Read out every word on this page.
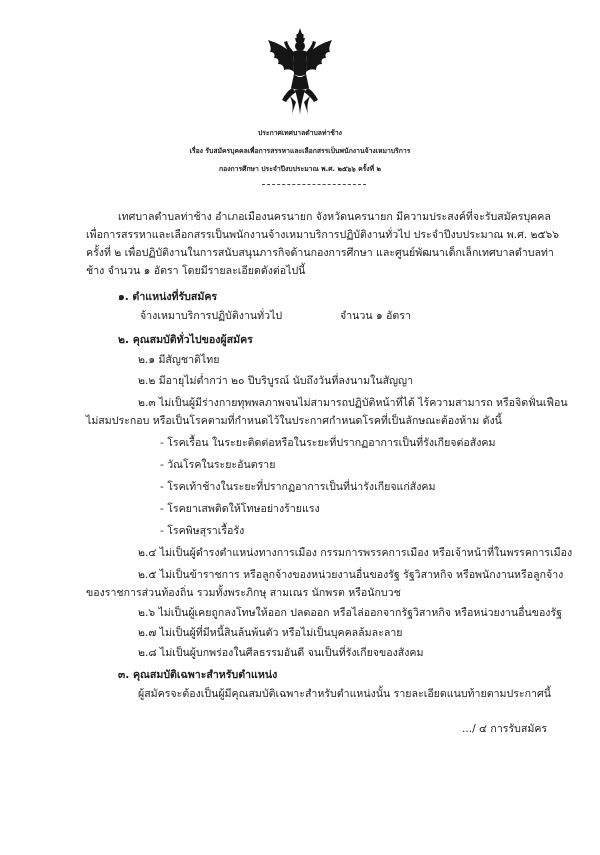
ประกาศเทศบาลตำบลท่าช้าง
เรื่อง รับสมัครบุคคลเพื่อการสรรหาและเลือกสรรเป็นพนักงานจ้างเหมาบริการ
กองการศึกษา ประจำปีงบประมาณ พ.ศ. ๒๕๖๖ ครั้งที่ ๒
เทศบาลตำบลท่าช้าง อำเภอเมืองนครนายก จังหวัดนครนายก มีความประสงค์ที่จะรับสมัครบุคคล
เพื่อการสรรหาและเลือกสรรเป็นพนักงานจ้างเหมาบริการปฏิบัติงานทั่วไป ประจำปีงบประมาณ พ.ศ. ๒๕๖๖
ครั้งที่ ๒ เพื่อปฏิบัติงานในการสนับสนุนภารกิจด้านกองการศึกษา และศูนย์พัฒนาเด็กเล็กเทศบาลตำบลท่า
ช้าง จำนวน ๑ อัตรา โดยมีรายละเอียดดังต่อไปนี้
๑. ตำแหน่งที่รับสมัคร
จ้างเหมาบริการปฏิบัติงานทั่วไป	จำนวน ๑ อัตรา
๒. คุณสมบัติทั่วไปของผู้สมัคร
๒.๑ มีสัญชาติไทย
๒.๒ มีอายุไม่ต่ำกว่า ๒๐ ปีบริบูรณ์ นับถึงวันที่ลงนามในสัญญา
๒.๓ ไม่เป็นผู้มีร่างกายทุพพลภาพจนไม่สามารถปฏิบัติหน้าที่ได้ ไร้ความสามารถ หรือจิตฟั่นเฟือน
ไม่สมประกอบ หรือเป็นโรคตามที่กำหนดไว้ในประกาศกำหนดโรคที่เป็นลักษณะต้องห้าม ดังนี้
- โรคเรื้อน ในระยะติดต่อหรือในระยะที่ปรากฏอาการเป็นที่รังเกียจต่อสังคม
- วัณโรคในระยะอันตราย
- โรคเท้าช้างในระยะที่ปรากฏอาการเป็นที่น่ารังเกียจแก่สังคม
- โรคยาเสพติดให้โทษอย่างร้ายแรง
- โรคพิษสุราเรื้อรัง
๒.๔ ไม่เป็นผู้ดำรงตำแหน่งทางการเมือง กรรมการพรรคการเมือง หรือเจ้าหน้าที่ในพรรคการเมือง
๒.๕ ไม่เป็นข้าราชการ หรือลูกจ้างของหน่วยงานอื่นของรัฐ รัฐวิสาหกิจ หรือพนักงานหรือลูกจ้าง
ของราชการส่วนท้องถิ่น รวมทั้งพระภิกษุ สามเณร นักพรต หรือนักบวช
๒.๖ ไม่เป็นผู้เคยถูกลงโทษให้ออก ปลดออก หรือไล่ออกจากรัฐวิสาหกิจ หรือหน่วยงานอื่นของรัฐ
๒.๗ ไม่เป็นผู้ที่มีหนี้สินล้นพ้นตัว หรือไม่เป็นบุคคลล้มละลาย
๒.๘ ไม่เป็นผู้บกพร่องในศีลธรรมอันดี จนเป็นที่รังเกียจของสังคม
๓. คุณสมบัติเฉพาะสำหรับตำแหน่ง
ผู้สมัครจะต้องเป็นผู้มีคุณสมบัติเฉพาะสำหรับตำแหน่งนั้น รายละเอียดแนบท้ายตามประกาศนี้
.../ ๔ การรับสมัคร
